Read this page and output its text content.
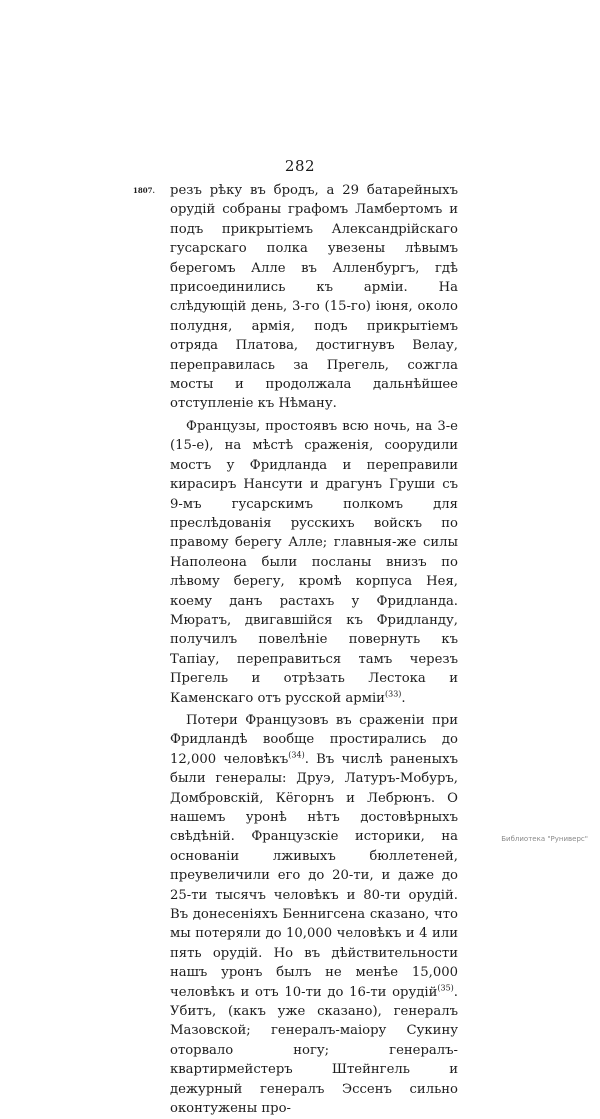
282
1807. резъ рѣку въ бродъ, а 29 батарейныхъ орудій собраны графомъ Ламбертомъ и подъ прикрытіемъ Александрійскаго гусарскаго полка увезены лѣвымъ берегомъ Алле въ Алленбургъ, гдѣ присоединились къ арміи. На слѣдующій день, 3-го (15-го) іюня, около полудня, армія, подъ прикрытіемъ отряда Платова, достигнувъ Велау, переправилась за Прегель, сожгла мосты и продолжала дальнѣйшее отступленіе къ Нѣману.

Французы, простоявъ всю ночь, на 3-е (15-е), на мѣстѣ сраженія, соорудили мостъ у Фридланда и переправили кирасиръ Нансути и драгунъ Груши съ 9-мъ гусарскимъ полкомъ для преслѣдованія русскихъ войскъ по правому берегу Алле; главныя-же силы Наполеона были посланы внизъ по лѣвому берегу, кромѣ корпуса Нея, коему данъ растахъ у Фридланда. Мюратъ, двигавшійся къ Фридланду, получилъ повелѣніе повернуть къ Тапіау, переправиться тамъ черезъ Прегель и отрѣзать Лестока и Каменскаго отъ русской арміи$^{(33)}$.

Потери Французовъ въ сраженіи при Фридландѣ вообще простирались до 12,000 человѣкъ$^{(34)}$. Въ числѣ раненыхъ были генералы: Друэ, Латуръ-Мобуръ, Домбровскій, Кёгорнъ и Лебрюнъ. О нашемъ уронѣ нѣтъ достовѣрныхъ свѣдѣній. Французскіе историки, на основаніи лживыхъ бюллетеней, преувеличили его до 20-ти, и даже до 25-ти тысячъ человѣкъ и 80-ти орудій. Въ донесеніяхъ Беннигсена сказано, что мы потеряли до 10,000 человѣкъ и 4 или пять орудій. Но въ дѣйствительности нашъ уронъ былъ не менѣе 15,000 человѣкъ и отъ 10-ти до 16-ти орудій$^{(35)}$. Убитъ, (какъ уже сказано), генералъ Мазовской; генералъ-маіору Сукину оторвало ногу; генералъ-квартирмейстеръ Штейнгель и дежурный генералъ Эссенъ сильно оконтужены про-

Библиотека "Руниверс"
